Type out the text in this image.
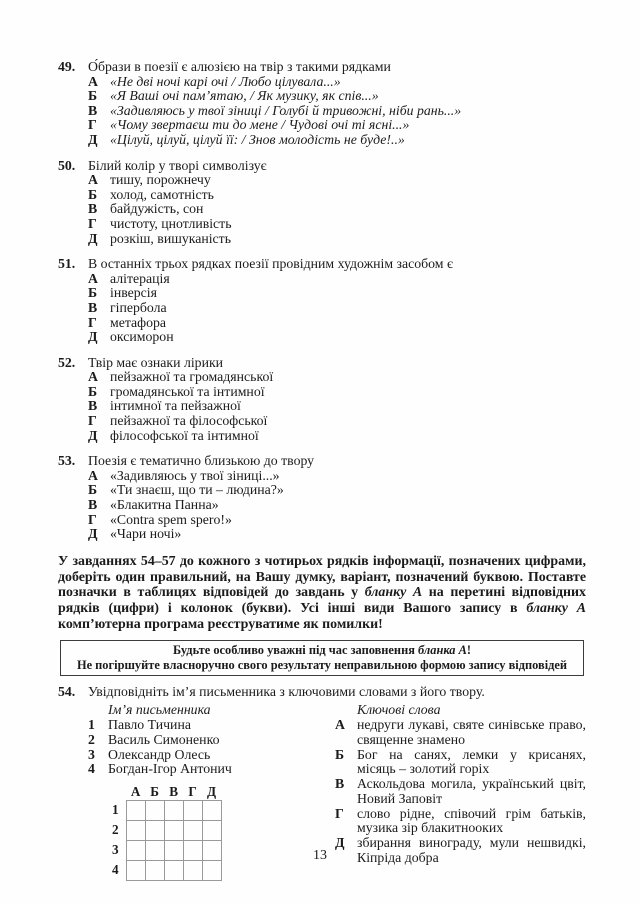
49. О́брази в поезії є алюзією на твір з такими рядками
А «Не дві ночі карі очі / Любо цілувала...»
Б «Я Ваші очі пам’ятаю, / Як музику, як спів...»
В «Задивляюсь у твої зіниці / Голубі й тривожні, ніби рань...»
Г «Чому звертаєш ти до мене / Чудові очі ті ясні...»
Д «Цілуй, цілуй, цілуй її: / Знов молодість не буде!..»
50. Білий колір у творі символізує
А тишу, порожнечу
Б холод, самотність
В байдужість, сон
Г чистоту, цнотливість
Д розкіш, вишуканість
51. В останніх трьох рядках поезії провідним художнім засобом є
А алітерація
Б інверсія
В гіпербола
Г метафора
Д оксиморон
52. Твір має ознаки лірики
А пейзажної та громадянської
Б громадянської та інтимної
В інтимної та пейзажної
Г пейзажної та філософської
Д філософської та інтимної
53. Поезія є тематично близькою до твору
А «Задивляюсь у твої зіниці...»
Б «Ти знаєш, що ти – людина?»
В «Блакитна Панна»
Г «Contra spem spero!»
Д «Чари ночі»

У завданнях 54–57 до кожного з чотирьох рядків інформації, позначених цифрами, доберіть один правильний, на Вашу думку, варіант, позначений буквою. Поставте позначки в таблицях відповідей до завдань у бланку А на перетині відповідних рядків (цифри) і колонок (букви). Усі інші види Вашого запису в бланку А комп’ютерна програма реєструватиме як помилки!

Будьте особливо уважні під час заповнення бланка А!
Не погіршуйте власноручно свого результату неправильною формою запису відповідей
54. Увідповідніть ім’я письменника з ключовими словами з його твору.
Ім’я письменника
1 Павло Тичина
2 Василь Симоненко
3 Олександр Олесь
4 Богдан-Ігор Антонич
	А	Б	В	Г	Д
1					
2					
3					
4					
Ключові слова
А недруги лукаві, святе синівське право, священне знамено
Б Бог на санях, лемки у крисанях, місяць – золотий горіх
В Аскольдова могила, український цвіт, Новий Заповіт
Г слово рідне, співочий грім батьків, музика зір блакитнооких
Д збирання винограду, мули нешвидкі, Кіпріда добра
13
